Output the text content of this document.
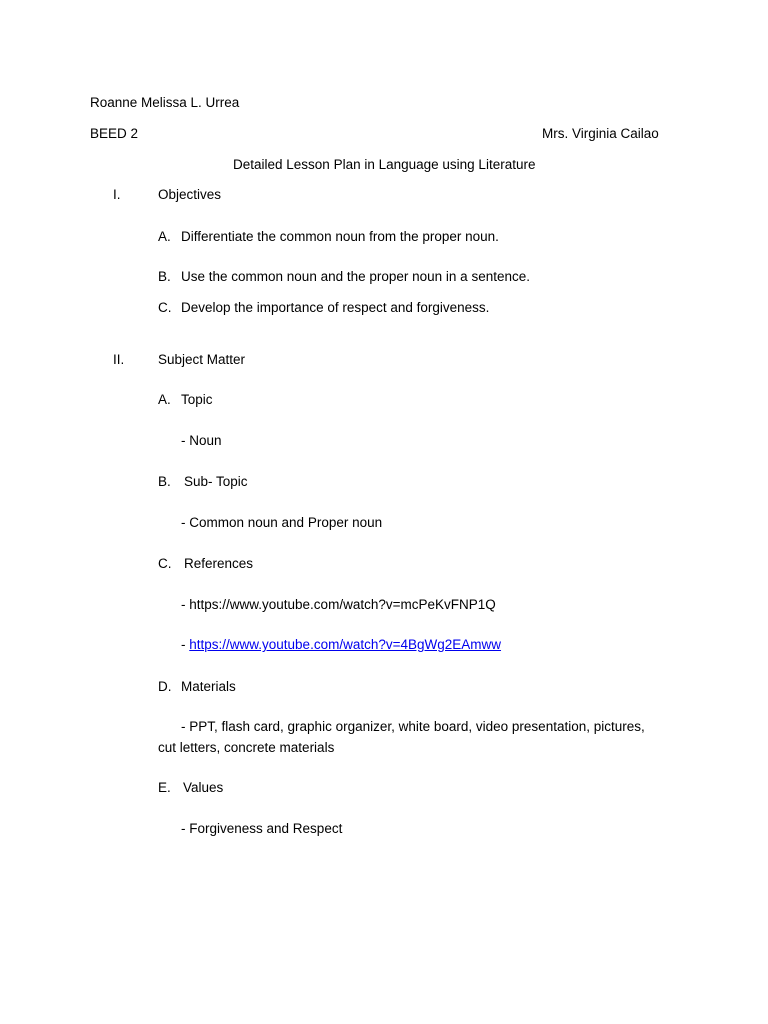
Roanne Melissa L. Urrea
BEED 2	Mrs. Virginia Cailao
Detailed Lesson Plan in Language using Literature
I.	Objectives
A. Differentiate the common noun from the proper noun.
B. Use the common noun and the proper noun in a sentence.
C. Develop the importance of respect and forgiveness.
II. Subject Matter
A. Topic
- Noun
B. Sub- Topic
- Common noun and Proper noun
C. References
- https://www.youtube.com/watch?v=mcPeKvFNP1Q
- https://www.youtube.com/watch?v=4BgWg2EAmww
D. Materials
- PPT, flash card, graphic organizer, white board, video presentation, pictures, cut letters, concrete materials
E. Values
- Forgiveness and Respect
